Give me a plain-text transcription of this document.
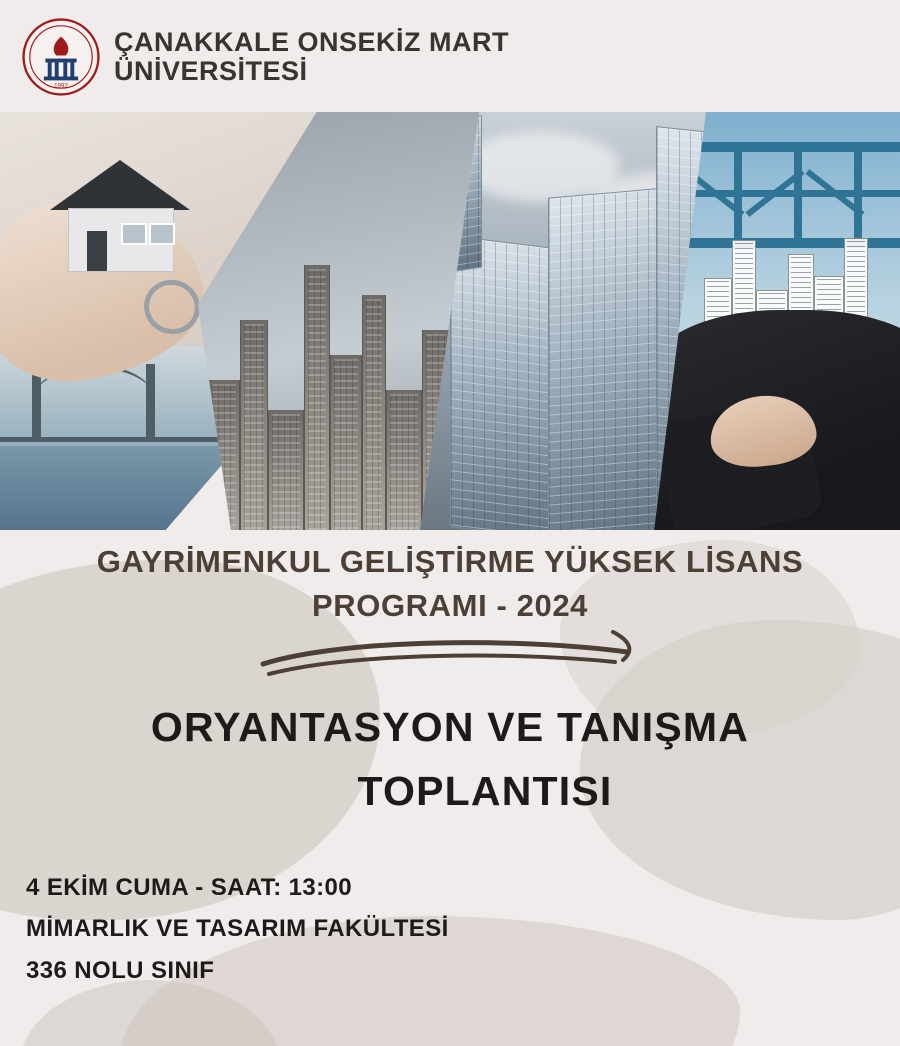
1992
ÇANAKKALE ONSEKİZ MART
ÜNİVERSİTESİ
GAYRİMENKUL GELİŞTİRME YÜKSEK LİSANS
PROGRAMI - 2024
ORYANTASYON VE TANIŞMA
TOPLANTISI
4 EKİM CUMA - SAAT: 13:00
MİMARLIK VE TASARIM FAKÜLTESİ
336 NOLU SINIF
